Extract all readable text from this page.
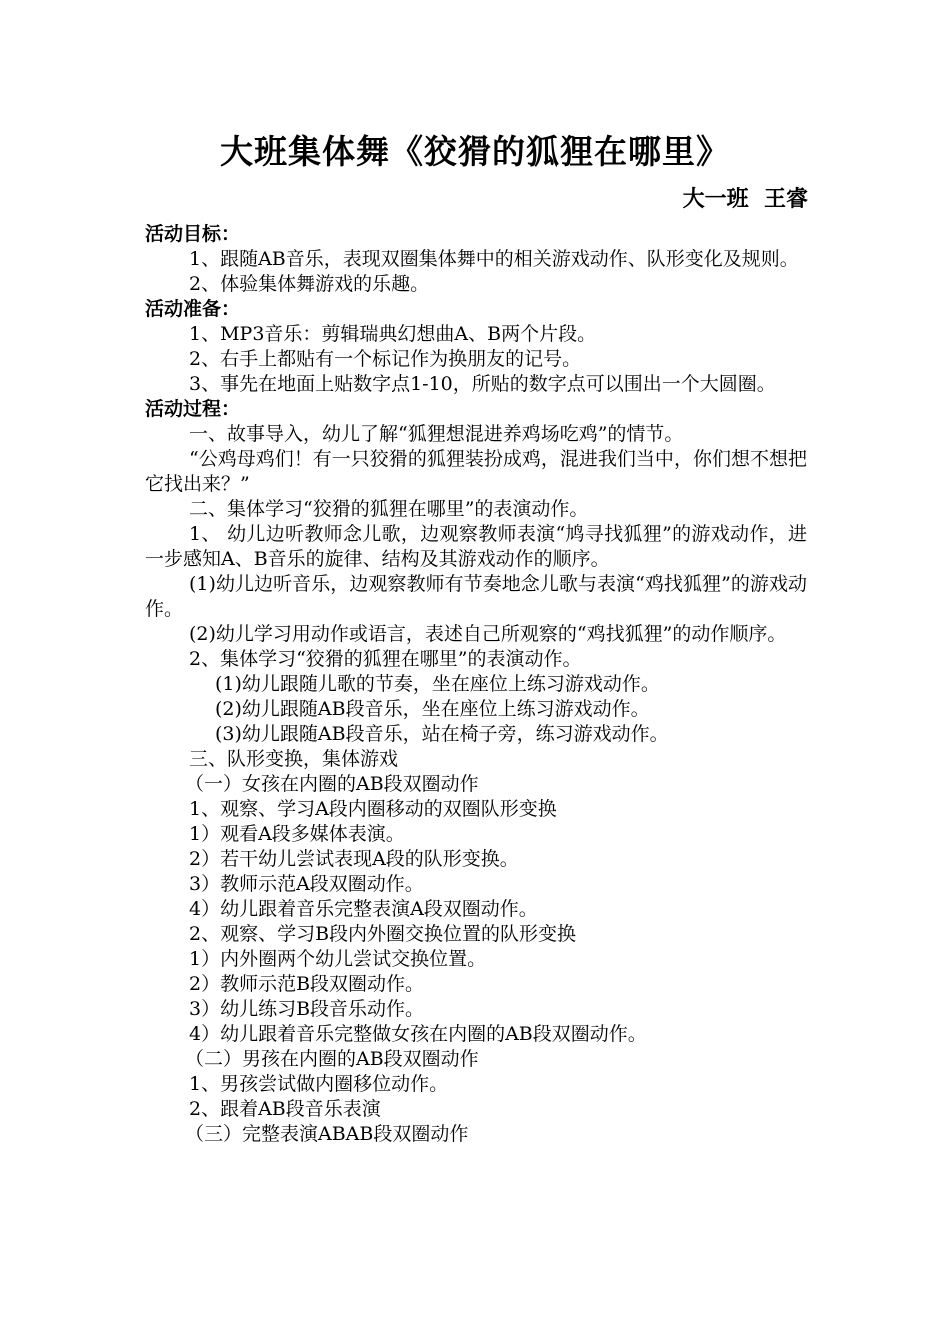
大班集体舞《狡猾的狐狸在哪里》
大一班  王睿

活动目标：

1、跟随AB音乐，表现双圈集体舞中的相关游戏动作、队形变化及规则。

2、体验集体舞游戏的乐趣。

活动准备：

1、MP3音乐：剪辑瑞典幻想曲A、B两个片段。

2、右手上都贴有一个标记作为换朋友的记号。

3、事先在地面上贴数字点1-10，所贴的数字点可以围出一个大圆圈。

活动过程：

一、故事导入，幼儿了解“狐狸想混进养鸡场吃鸡”的情节。

“公鸡母鸡们！有一只狡猾的狐狸装扮成鸡，混进我们当中，你们想不想把它找出来？”

二、集体学习“狡猾的狐狸在哪里”的表演动作。

1、 幼儿边听教师念儿歌，边观察教师表演“鸠寻找狐狸”的游戏动作，进一步感知A、B音乐的旋律、结构及其游戏动作的顺序。

(1)幼儿边听音乐，边观察教师有节奏地念儿歌与表演“鸡找狐狸”的游戏动作。

(2)幼儿学习用动作或语言，表述自己所观察的“鸡找狐狸”的动作顺序。

2、集体学习“狡猾的狐狸在哪里”的表演动作。

(1)幼儿跟随儿歌的节奏，坐在座位上练习游戏动作。

(2)幼儿跟随AB段音乐，坐在座位上练习游戏动作。

(3)幼儿跟随AB段音乐，站在椅子旁，练习游戏动作。

三、队形变换，集体游戏

（一）女孩在内圈的AB段双圈动作

1、观察、学习A段内圈移动的双圈队形变换

1）观看A段多媒体表演。

2）若干幼儿尝试表现A段的队形变换。

3）教师示范A段双圈动作。

4）幼儿跟着音乐完整表演A段双圈动作。

2、观察、学习B段内外圈交换位置的队形变换

1）内外圈两个幼儿尝试交换位置。

2）教师示范B段双圈动作。

3）幼儿练习B段音乐动作。

4）幼儿跟着音乐完整做女孩在内圈的AB段双圈动作。

（二）男孩在内圈的AB段双圈动作

1、男孩尝试做内圈移位动作。

2、跟着AB段音乐表演

（三）完整表演ABAB段双圈动作
